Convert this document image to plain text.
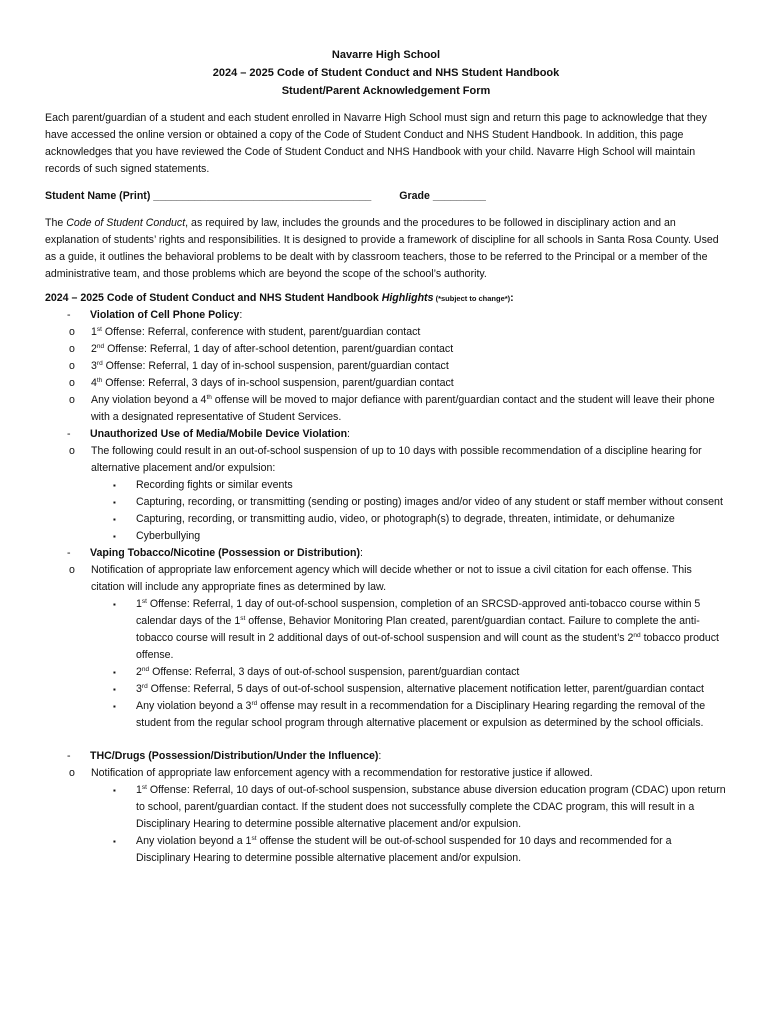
Navarre High School
2024 – 2025 Code of Student Conduct and NHS Student Handbook
Student/Parent Acknowledgement Form

Each parent/guardian of a student and each student enrolled in Navarre High School must sign and return this page to acknowledge that they have accessed the online version or obtained a copy of the Code of Student Conduct and NHS Student Handbook. In addition, this page acknowledges that you have reviewed the Code of Student Conduct and NHS Handbook with your child. Navarre High School will maintain records of such signed statements.

Student Name (Print) _____________________________________	Grade _________

The Code of Student Conduct, as required by law, includes the grounds and the procedures to be followed in disciplinary action and an explanation of students’ rights and responsibilities. It is designed to provide a framework of discipline for all schools in Santa Rosa County. Used as a guide, it outlines the behavioral problems to be dealt with by classroom teachers, those to be referred to the Principal or a member of the administrative team, and those problems which are beyond the scope of the school’s authority.

2024 – 2025 Code of Student Conduct and NHS Student Handbook Highlights (*subject to change*):
- Violation of Cell Phone Policy:
o 1st Offense: Referral, conference with student, parent/guardian contact
o 2nd Offense: Referral, 1 day of after-school detention, parent/guardian contact
o 3rd Offense: Referral, 1 day of in-school suspension, parent/guardian contact
o 4th Offense: Referral, 3 days of in-school suspension, parent/guardian contact
o Any violation beyond a 4th offense will be moved to major defiance with parent/guardian contact and the student will leave their phone with a designated representative of Student Services.
- Unauthorized Use of Media/Mobile Device Violation:
o The following could result in an out-of-school suspension of up to 10 days with possible recommendation of a discipline hearing for alternative placement and/or expulsion:
▪ Recording fights or similar events
▪ Capturing, recording, or transmitting (sending or posting) images and/or video of any student or staff member without consent
▪ Capturing, recording, or transmitting audio, video, or photograph(s) to degrade, threaten, intimidate, or dehumanize
▪ Cyberbullying
- Vaping Tobacco/Nicotine (Possession or Distribution):
o Notification of appropriate law enforcement agency which will decide whether or not to issue a civil citation for each offense. This citation will include any appropriate fines as determined by law.
▪ 1st Offense: Referral, 1 day of out-of-school suspension, completion of an SRCSD-approved anti-tobacco course within 5 calendar days of the 1st offense, Behavior Monitoring Plan created, parent/guardian contact. Failure to complete the anti-tobacco course will result in 2 additional days of out-of-school suspension and will count as the student’s 2nd tobacco product offense.
▪ 2nd Offense: Referral, 3 days of out-of-school suspension, parent/guardian contact
▪ 3rd Offense: Referral, 5 days of out-of-school suspension, alternative placement notification letter, parent/guardian contact
▪ Any violation beyond a 3rd offense may result in a recommendation for a Disciplinary Hearing regarding the removal of the student from the regular school program through alternative placement or expulsion as determined by the school officials.
- THC/Drugs (Possession/Distribution/Under the Influence):
o Notification of appropriate law enforcement agency with a recommendation for restorative justice if allowed.
▪ 1st Offense: Referral, 10 days of out-of-school suspension, substance abuse diversion education program (CDAC) upon return to school, parent/guardian contact. If the student does not successfully complete the CDAC program, this will result in a Disciplinary Hearing to determine possible alternative placement and/or expulsion.
▪ Any violation beyond a 1st offense the student will be out-of-school suspended for 10 days and recommended for a Disciplinary Hearing to determine possible alternative placement and/or expulsion.
